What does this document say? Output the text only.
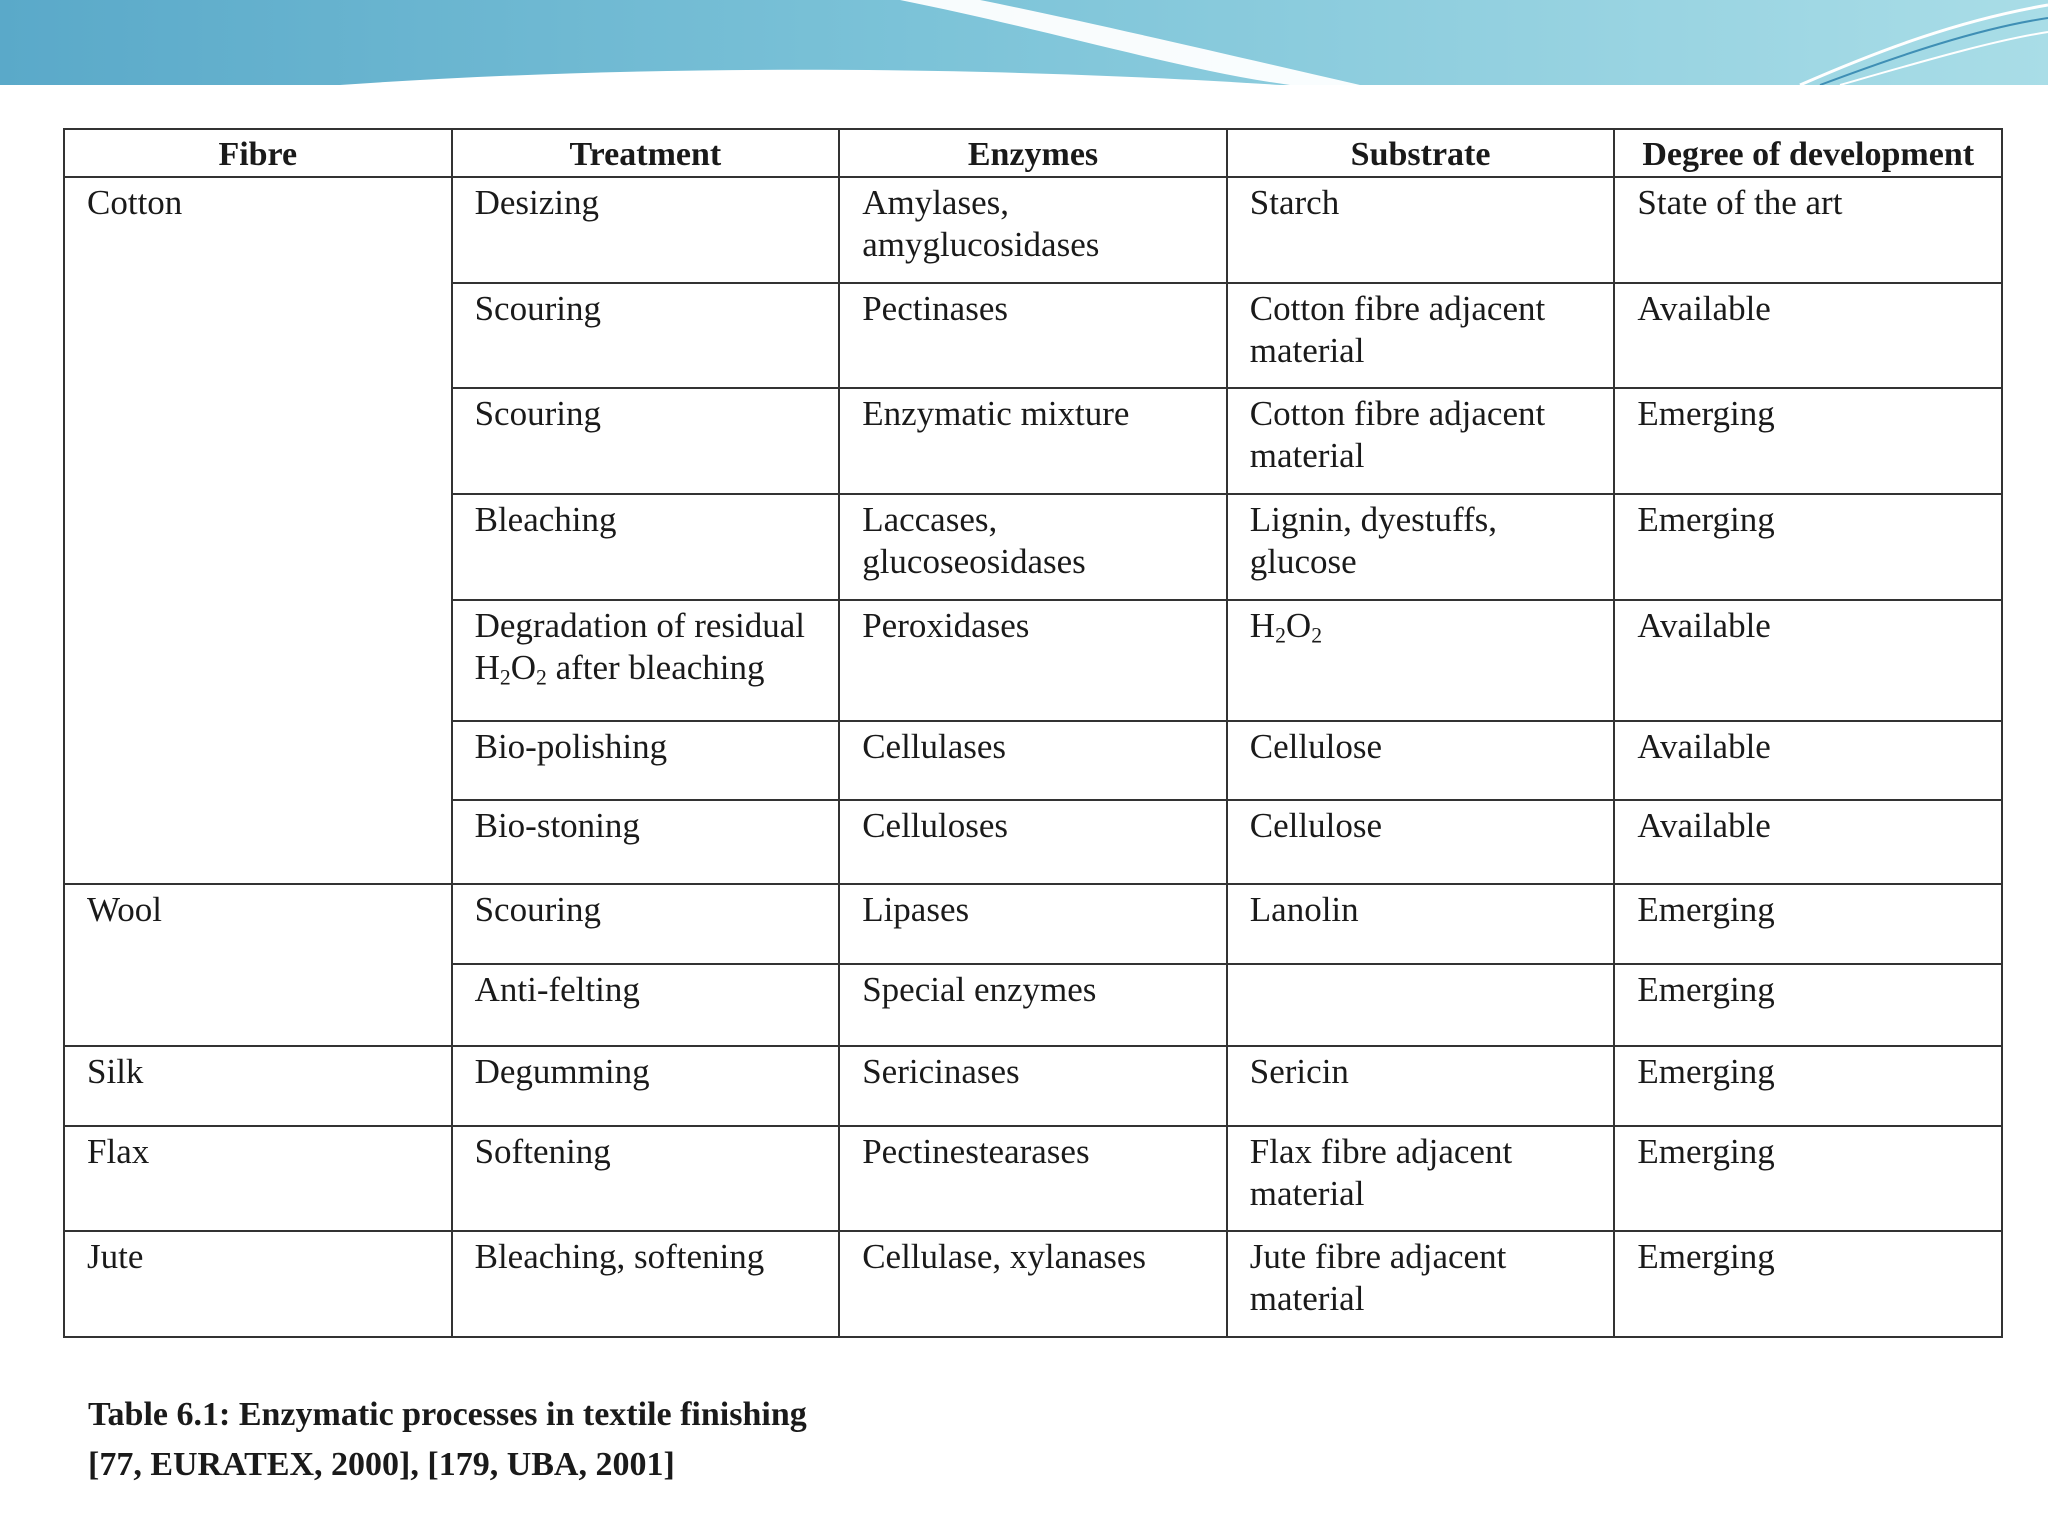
Fibre	Treatment	Enzymes	Substrate	Degree of development
Cotton	Desizing	Amylases, amyglucosidases	Starch	State of the art
	Scouring	Pectinases	Cotton fibre adjacent material	Available
	Scouring	Enzymatic mixture	Cotton fibre adjacent material	Emerging
	Bleaching	Laccases, glucoseosidases	Lignin, dyestuffs, glucose	Emerging
	Degradation of residual $H_2O_2$ after bleaching	Peroxidases	$H_2O_2$	Available
	Bio-polishing	Cellulases	Cellulose	Available
	Bio-stoning	Celluloses	Cellulose	Available
Wool	Scouring	Lipases	Lanolin	Emerging
	Anti-felting	Special enzymes		Emerging
Silk	Degumming	Sericinases	Sericin	Emerging
Flax	Softening	Pectinestearases	Flax fibre adjacent material	Emerging
Jute	Bleaching, softening	Cellulase, xylanases	Jute fibre adjacent material	Emerging
Table 6.1: Enzymatic processes in textile finishing
[77, EURATEX, 2000], [179, UBA, 2001]
